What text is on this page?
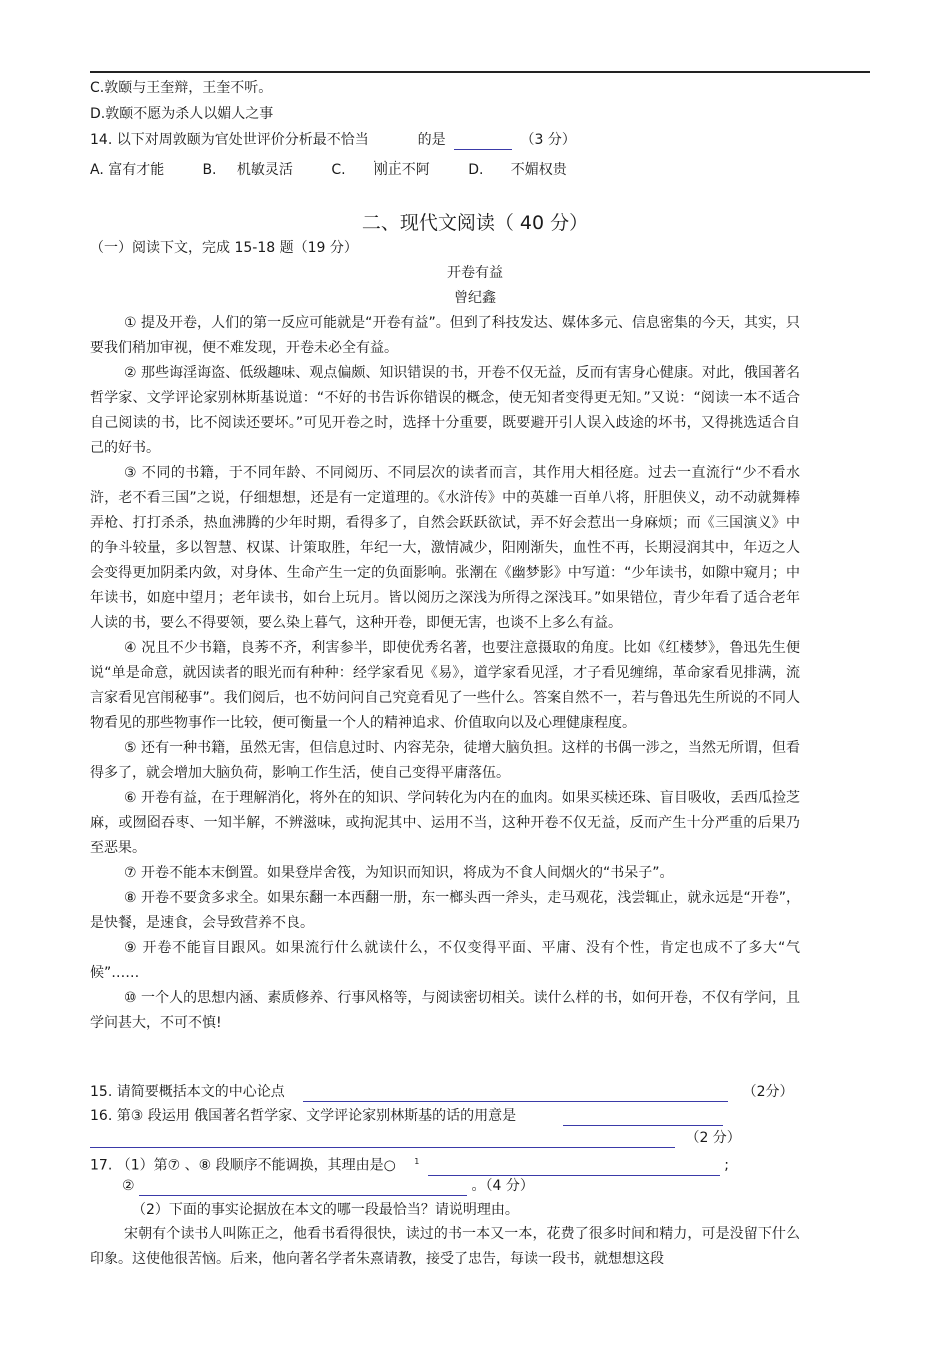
C.敦颐与王奎辩，王奎不听。
D.敦颐不愿为杀人以媚人之事
14. 以下对周敦颐为官处世评价分析最不恰当	的是	（3 分）
A. 富有才能	B. 机敏灵活	C. 刚正不阿	D. 不媚权贵
二、现代文阅读（ 40 分）
（一）阅读下文，完成 15-18 题（19 分）
开卷有益
曾纪鑫

① 提及开卷，人们的第一反应可能就是“开卷有益”。但到了科技发达、媒体多元、信息密集的今天，其实，只要我们稍加审视，便不难发现，开卷未必全有益。

② 那些诲淫诲盗、低级趣味、观点偏颇、知识错误的书，开卷不仅无益，反而有害身心健康。对此，俄国著名哲学家、文学评论家别林斯基说道：“不好的书告诉你错误的概念，使无知者变得更无知。”又说：“阅读一本不适合自己阅读的书，比不阅读还要坏。”可见开卷之时，选择十分重要，既要避开引人误入歧途的坏书，又得挑选适合自己的好书。

③ 不同的书籍，于不同年龄、不同阅历、不同层次的读者而言，其作用大相径庭。过去一直流行“少不看水浒，老不看三国”之说，仔细想想，还是有一定道理的。《水浒传》中的英雄一百单八将，肝胆侠义，动不动就舞棒弄枪、打打杀杀，热血沸腾的少年时期，看得多了，自然会跃跃欲试，弄不好会惹出一身麻烦；而《三国演义》中的争斗较量，多以智慧、权谋、计策取胜，年纪一大，激情减少，阳刚渐失，血性不再，长期浸润其中，年迈之人会变得更加阴柔内敛，对身体、生命产生一定的负面影响。张潮在《幽梦影》中写道：“少年读书，如隙中窥月；中年读书，如庭中望月；老年读书，如台上玩月。皆以阅历之深浅为所得之深浅耳。”如果错位，青少年看了适合老年人读的书，要么不得要领，要么染上暮气，这种开卷，即便无害，也谈不上多么有益。

④ 况且不少书籍，良莠不齐，利害参半，即使优秀名著，也要注意摄取的角度。比如《红楼梦》，鲁迅先生便说“单是命意，就因读者的眼光而有种种：经学家看见《易》，道学家看见淫，才子看见缠绵，革命家看见排满，流言家看见宫闱秘事”。我们阅后，也不妨问问自己究竟看见了一些什么。答案自然不一，若与鲁迅先生所说的不同人物看见的那些物事作一比较，便可衡量一个人的精神追求、价值取向以及心理健康程度。

⑤ 还有一种书籍，虽然无害，但信息过时、内容芜杂，徒增大脑负担。这样的书偶一涉之，当然无所谓，但看得多了，就会增加大脑负荷，影响工作生活，使自己变得平庸落伍。

⑥ 开卷有益，在于理解消化，将外在的知识、学问转化为内在的血肉。如果买椟还珠、盲目吸收，丢西瓜捡芝麻，或囫囵吞枣、一知半解，不辨滋味，或拘泥其中、运用不当，这种开卷不仅无益，反而产生十分严重的后果乃至恶果。

⑦ 开卷不能本末倒置。如果登岸舍筏，为知识而知识，将成为不食人间烟火的“书呆子”。

⑧ 开卷不要贪多求全。如果东翻一本西翻一册，东一榔头西一斧头，走马观花，浅尝辄止，就永远是“开卷”，是快餐，是速食，会导致营养不良。

⑨ 开卷不能盲目跟风。如果流行什么就读什么，不仅变得平面、平庸、没有个性，肯定也成不了多大“气候”……

⑩ 一个人的思想内涵、素质修养、行事风格等，与阅读密切相关。读什么样的书，如何开卷，不仅有学问，且学问甚大，不可不慎!

15. 请简要概括本文的中心论点	（2分）
16. 第③ 段运用 俄国著名哲学家、文学评论家别林斯基的话的用意是
（2 分）
17. （1）第⑦ 、⑧ 段顺序不能调换，其理由是○ $^1$	;
②	。（4 分）
（2）下面的事实论据放在本文的哪一段最恰当？请说明理由。

宋朝有个读书人叫陈正之，他看书看得很快，读过的书一本又一本，花费了很多时间和精力，可是没留下什么印象。这使他很苦恼。后来，他向著名学者朱熹请教，接受了忠告，每读一段书，就想想这段
